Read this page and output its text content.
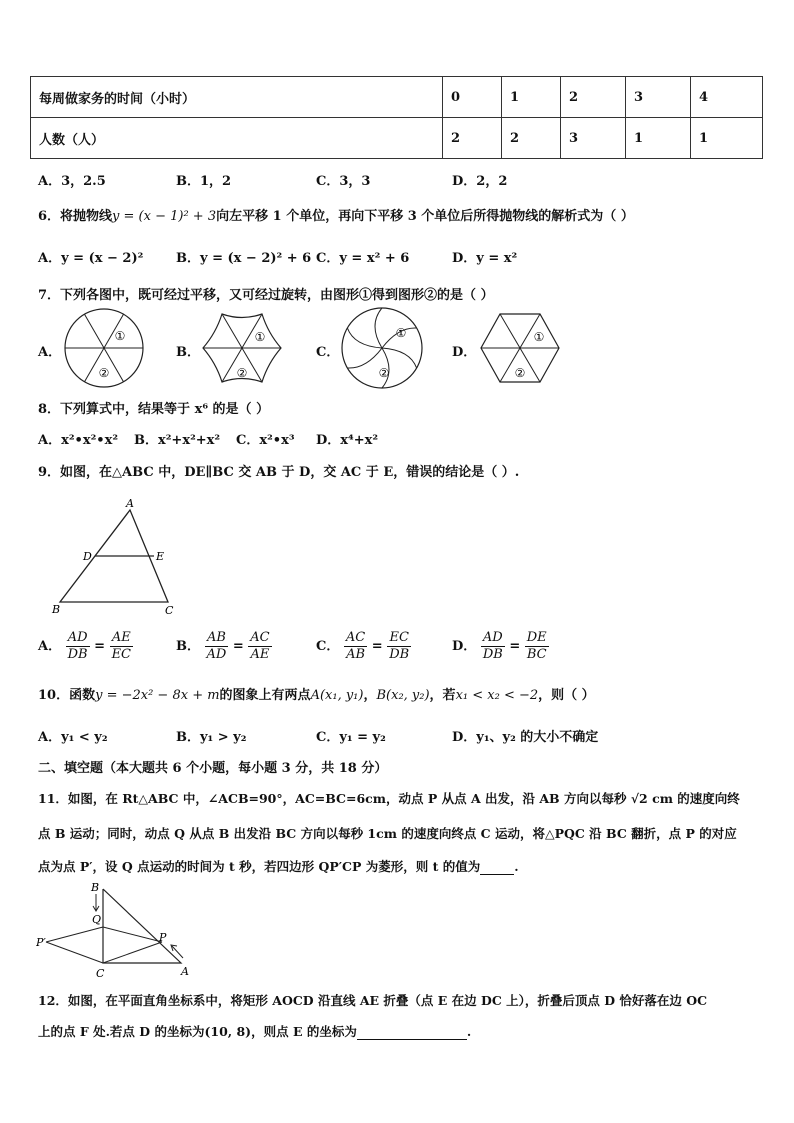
每周做家务的时间（小时）	0	1	2	3	4
人数（人）	2	2	3	1	1
A．3，2.5	B．1，2	C．3，3	D．2，2
6．将抛物线y = (x − 1)² + 3向左平移 1 个单位，再向下平移 3 个单位后所得抛物线的解析式为（ ）
A．y = (x − 2)²	B．y = (x − 2)² + 6 C．y = x² + 6	D．y = x²
7．下列各图中，既可经过平移，又可经过旋转，由图形①得到图形②的是（ ）
A．	B．	C．	D．
①
②
①
②
①
②
①
②
8．下列算式中，结果等于 x⁶ 的是（ ）
A．x²•x²•x² B．x²+x²+x² C．x²•x³ D．x⁴+x²
9．如图，在△ABC 中，DE∥BC 交 AB 于 D，交 AC 于 E，错误的结论是（ ）.
A
B	C
D	E
A． $\frac{AD}{DB} = \frac{AE}{EC}$	B． $\frac{AB}{AD} = \frac{AC}{AE}$	C． $\frac{AC}{AB} = \frac{EC}{DB}$	D． $\frac{AD}{DB} = \frac{DE}{BC}$
10．函数y = −2x² − 8x + m的图象上有两点A(x₁, y₁)，B(x₂, y₂)，若x₁ < x₂ < −2，则（ ）
A．y₁ < y₂	B．y₁ > y₂	C．y₁ = y₂	D．y₁、y₂ 的大小不确定
二、填空题（本大题共 6 个小题，每小题 3 分，共 18 分）
11．如图，在 Rt△ABC 中，∠ACB=90°，AC=BC=6cm，动点 P 从点 A 出发，沿 AB 方向以每秒 √2 cm 的速度向终
点 B 运动；同时，动点 Q 从点 B 出发沿 BC 方向以每秒 1cm 的速度向终点 C 运动，将△PQC 沿 BC 翻折，点 P 的对应
点为点 P′，设 Q 点运动的时间为 t 秒，若四边形 QP′CP 为菱形，则 t 的值为	.
B
Q
P′	P
C	A
12．如图，在平面直角坐标系中，将矩形 AOCD 沿直线 AE 折叠（点 E 在边 DC 上），折叠后顶点 D 恰好落在边 OC
上的点 F 处.若点 D 的坐标为(10, 8)，则点 E 的坐标为	.
